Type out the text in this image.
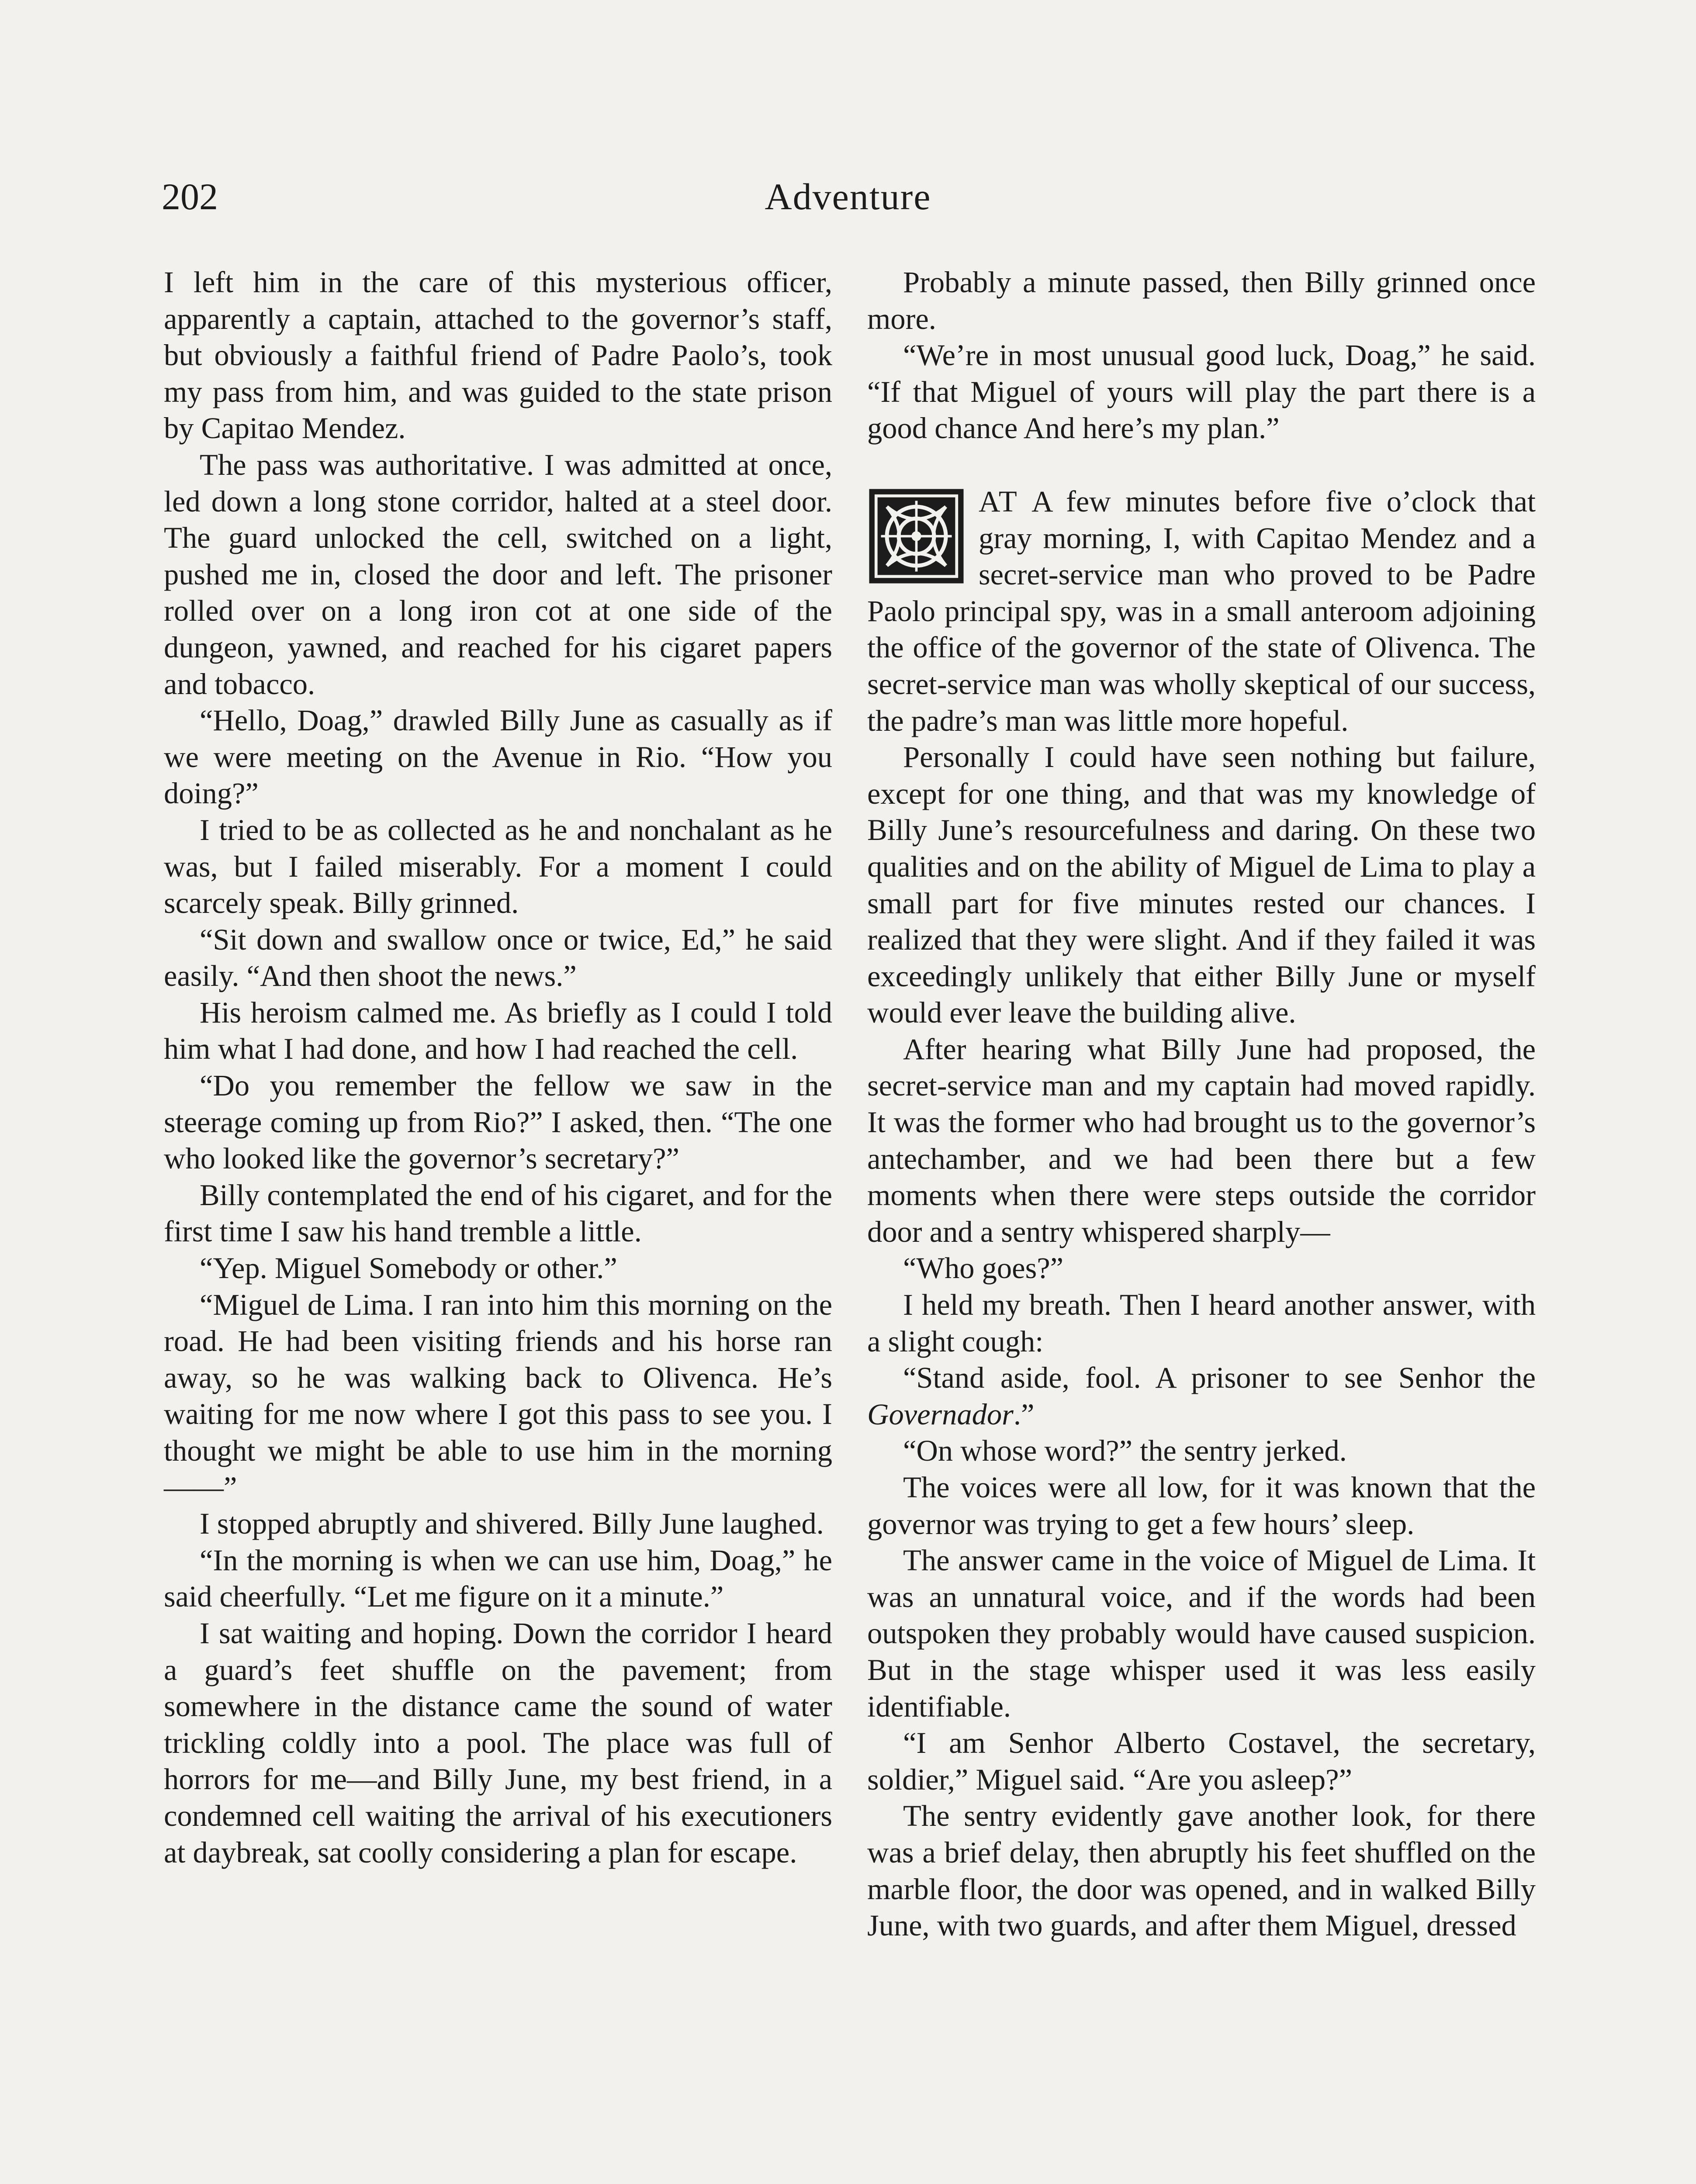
202	Adventure

I left him in the care of this mysterious officer, apparently a captain, attached to the governor’s staff, but obviously a faithful friend of Padre Paolo’s, took my pass from him, and was guided to the state prison by Capitao Mendez.

The pass was authoritative. I was admitted at once, led down a long stone corridor, halted at a steel door. The guard unlocked the cell, switched on a light, pushed me in, closed the door and left. The prisoner rolled over on a long iron cot at one side of the dungeon, yawned, and reached for his cigaret papers and tobacco.

“Hello, Doag,” drawled Billy June as casually as if we were meeting on the Avenue in Rio. “How you doing?”

I tried to be as collected as he and nonchalant as he was, but I failed miserably. For a moment I could scarcely speak. Billy grinned.

“Sit down and swallow once or twice, Ed,” he said easily. “And then shoot the news.”

His heroism calmed me. As briefly as I could I told him what I had done, and how I had reached the cell.

“Do you remember the fellow we saw in the steerage coming up from Rio?” I asked, then. “The one who looked like the governor’s secretary?”

Billy contemplated the end of his cigaret, and for the first time I saw his hand tremble a little.

“Yep. Miguel Somebody or other.”

“Miguel de Lima. I ran into him this morning on the road. He had been visiting friends and his horse ran away, so he was walking back to Olivenca. He’s waiting for me now where I got this pass to see you. I thought we might be able to use him in the morning——”

I stopped abruptly and shivered. Billy June laughed.

“In the morning is when we can use him, Doag,” he said cheerfully. “Let me figure on it a minute.”

I sat waiting and hoping. Down the corridor I heard a guard’s feet shuffle on the pavement; from somewhere in the distance came the sound of water trickling coldly into a pool. The place was full of horrors for me—and Billy June, my best friend, in a condemned cell waiting the arrival of his executioners at daybreak, sat coolly considering a plan for escape.

Probably a minute passed, then Billy grinned once more.

“We’re in most unusual good luck, Doag,” he said. “If that Miguel of yours will play the part there is a good chance And here’s my plan.”

AT A few minutes before five o’clock that gray morning, I, with Capitao Mendez and a secret-service man who proved to be Padre Paolo principal spy, was in a small anteroom adjoining the office of the governor of the state of Olivenca. The secret-service man was wholly skeptical of our success, the padre’s man was little more hopeful.

Personally I could have seen nothing but failure, except for one thing, and that was my knowledge of Billy June’s resourcefulness and daring. On these two qualities and on the ability of Miguel de Lima to play a small part for five minutes rested our chances. I realized that they were slight. And if they failed it was exceedingly unlikely that either Billy June or myself would ever leave the building alive.

After hearing what Billy June had proposed, the secret-service man and my captain had moved rapidly. It was the former who had brought us to the governor’s antechamber, and we had been there but a few moments when there were steps outside the corridor door and a sentry whispered sharply—

“Who goes?”

I held my breath. Then I heard another answer, with a slight cough:

“Stand aside, fool. A prisoner to see Senhor the Governador.”

“On whose word?” the sentry jerked.

The voices were all low, for it was known that the governor was trying to get a few hours’ sleep.

The answer came in the voice of Miguel de Lima. It was an unnatural voice, and if the words had been outspoken they probably would have caused suspicion. But in the stage whisper used it was less easily identifiable.

“I am Senhor Alberto Costavel, the secretary, soldier,” Miguel said. “Are you asleep?”

The sentry evidently gave another look, for there was a brief delay, then abruptly his feet shuffled on the marble floor, the door was opened, and in walked Billy June, with two guards, and after them Miguel, dressed
